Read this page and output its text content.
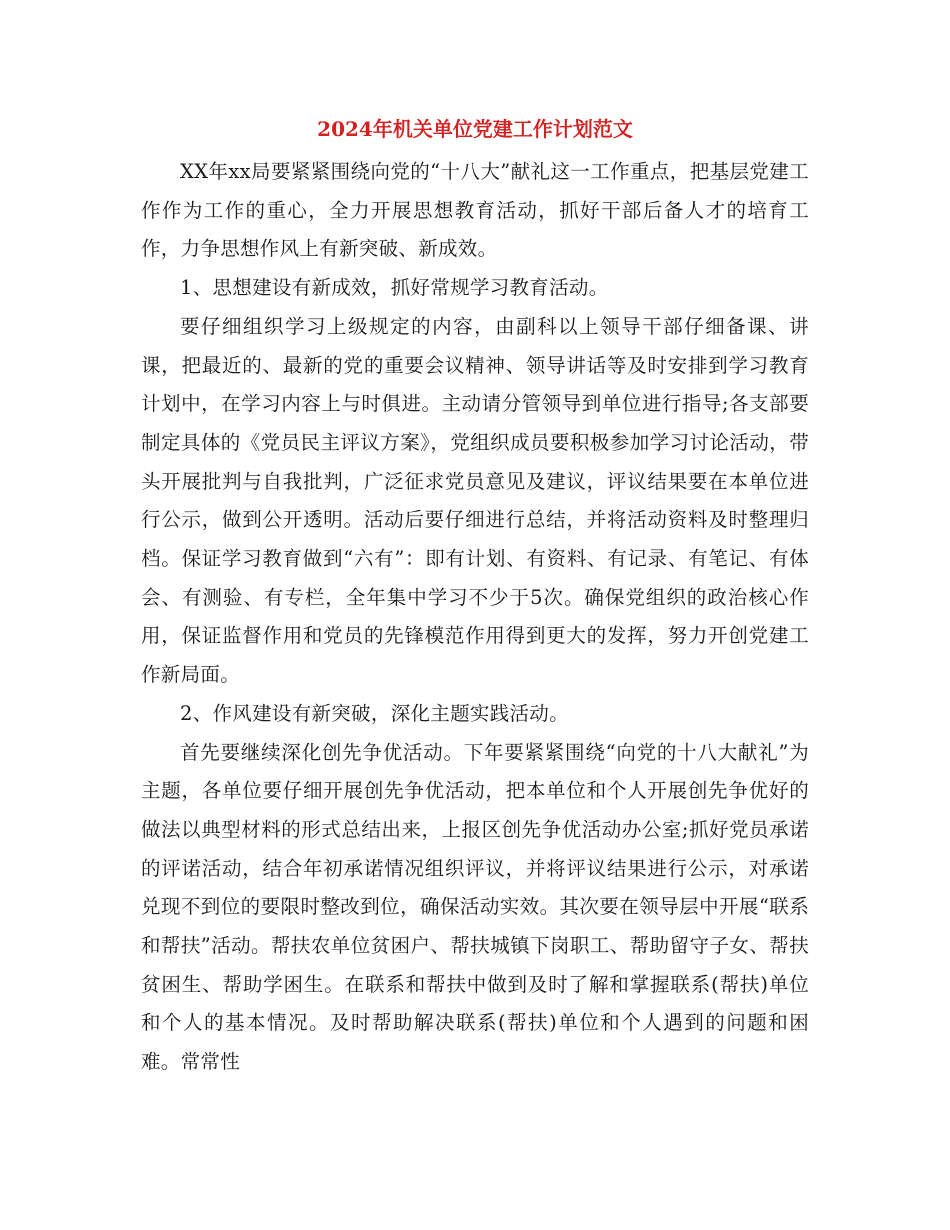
2024年机关单位党建工作计划范文

XX年xx局要紧紧围绕向党的“十八大”献礼这一工作重点，把基层党建工作作为工作的重心，全力开展思想教育活动，抓好干部后备人才的培育工作，力争思想作风上有新突破、新成效。

1、思想建设有新成效，抓好常规学习教育活动。

要仔细组织学习上级规定的内容，由副科以上领导干部仔细备课、讲课，把最近的、最新的党的重要会议精神、领导讲话等及时安排到学习教育计划中，在学习内容上与时俱进。主动请分管领导到单位进行指导;各支部要制定具体的《党员民主评议方案》，党组织成员要积极参加学习讨论活动，带头开展批判与自我批判，广泛征求党员意见及建议，评议结果要在本单位进行公示，做到公开透明。活动后要仔细进行总结，并将活动资料及时整理归档。保证学习教育做到“六有”：即有计划、有资料、有记录、有笔记、有体会、有测验、有专栏，全年集中学习不少于5次。确保党组织的政治核心作用，保证监督作用和党员的先锋模范作用得到更大的发挥，努力开创党建工作新局面。

2、作风建设有新突破，深化主题实践活动。

首先要继续深化创先争优活动。下年要紧紧围绕“向党的十八大献礼”为主题，各单位要仔细开展创先争优活动，把本单位和个人开展创先争优好的做法以典型材料的形式总结出来，上报区创先争优活动办公室;抓好党员承诺的评诺活动，结合年初承诺情况组织评议，并将评议结果进行公示，对承诺兑现不到位的要限时整改到位，确保活动实效。其次要在领导层中开展“联系和帮扶”活动。帮扶农单位贫困户、帮扶城镇下岗职工、帮助留守子女、帮扶贫困生、帮助学困生。在联系和帮扶中做到及时了解和掌握联系(帮扶)单位和个人的基本情况。及时帮助解决联系(帮扶)单位和个人遇到的问题和困难。常常性
